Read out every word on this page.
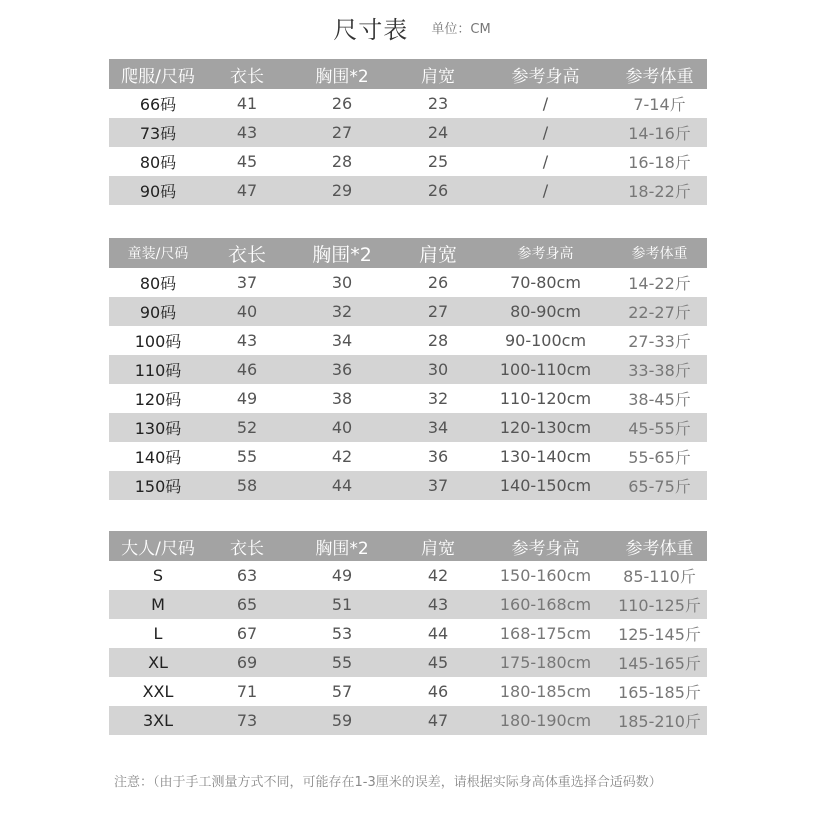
尺寸表 单位：CM
爬服/尺码	衣长	胸围*2	肩宽	参考身高	参考体重
66码	41	26	23	/	7-14斤
73码	43	27	24	/	14-16斤
80码	45	28	25	/	16-18斤
90码	47	29	26	/	18-22斤
童装/尺码	衣长	胸围*2	肩宽	参考身高	参考体重
80码	37	30	26	70-80cm	14-22斤
90码	40	32	27	80-90cm	22-27斤
100码	43	34	28	90-100cm	27-33斤
110码	46	36	30	100-110cm	33-38斤
120码	49	38	32	110-120cm	38-45斤
130码	52	40	34	120-130cm	45-55斤
140码	55	42	36	130-140cm	55-65斤
150码	58	44	37	140-150cm	65-75斤
大人/尺码	衣长	胸围*2	肩宽	参考身高	参考体重
S	63	49	42	150-160cm	85-110斤
M	65	51	43	160-168cm	110-125斤
L	67	53	44	168-175cm	125-145斤
XL	69	55	45	175-180cm	145-165斤
XXL	71	57	46	180-185cm	165-185斤
3XL	73	59	47	180-190cm	185-210斤
注意：（由于手工测量方式不同，可能存在1-3厘米的误差，请根据实际身高体重选择合适码数）
